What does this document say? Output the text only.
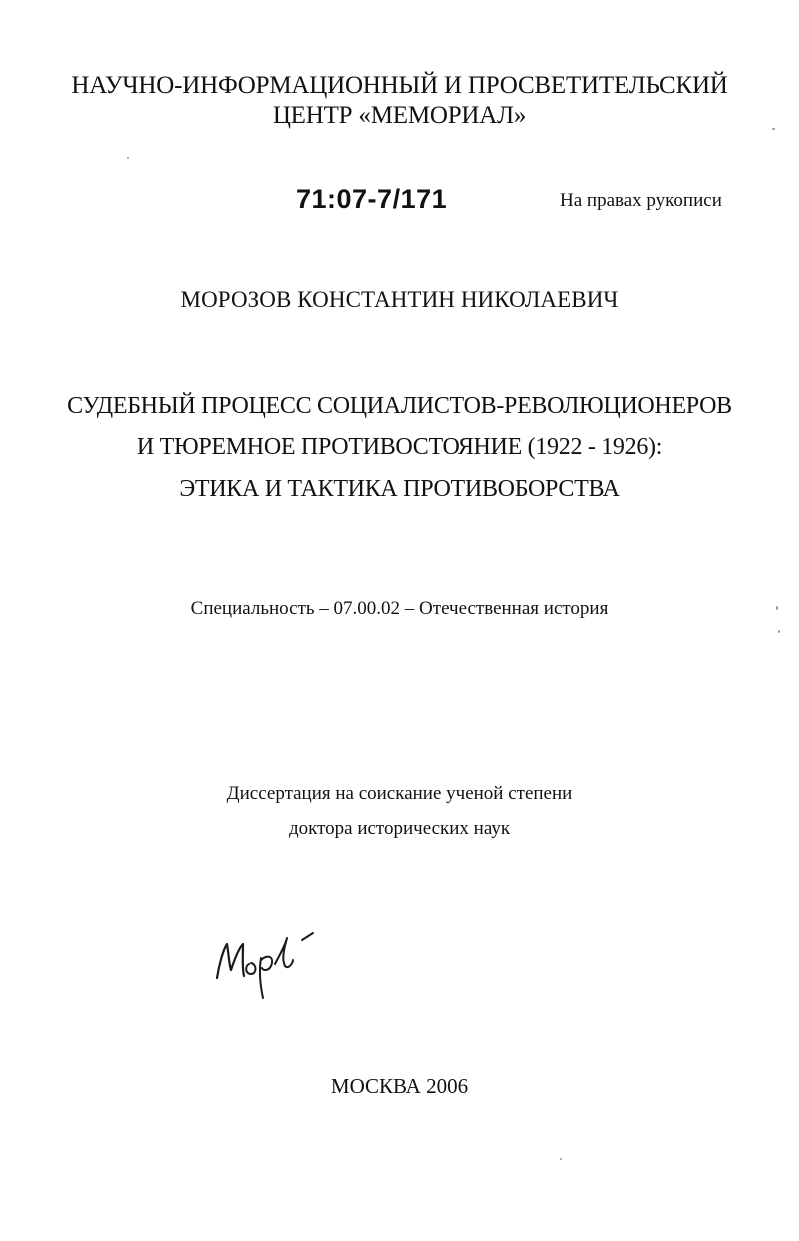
НАУЧНО-ИНФОРМАЦИОННЫЙ И ПРОСВЕТИТЕЛЬСКИЙ
ЦЕНТР «МЕМОРИАЛ»
71:07-7/171	На правах рукописи
МОРОЗОВ КОНСТАНТИН НИКОЛАЕВИЧ
СУДЕБНЫЙ ПРОЦЕСС СОЦИАЛИСТОВ-РЕВОЛЮЦИОНЕРОВ
И ТЮРЕМНОЕ ПРОТИВОСТОЯНИЕ (1922 - 1926):
ЭТИКА И ТАКТИКА ПРОТИВОБОРСТВА
Специальность – 07.00.02 – Отечественная история
Диссертация на соискание ученой степени
доктора исторических наук
МОСКВА 2006
